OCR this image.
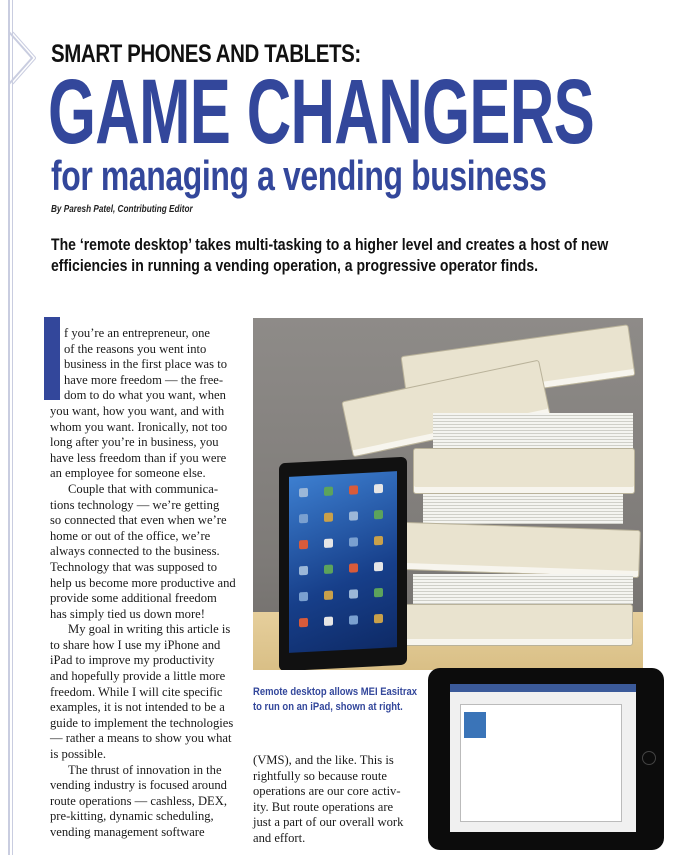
SMART PHONES AND TABLETS:
GAME CHANGERS
for managing a vending business
By Paresh Patel, Contributing Editor
The ‘remote desktop’ takes multi-tasking to a higher level and creates a host of new
efficiencies in running a vending operation, a progressive operator finds.
f you’re an entrepreneur, one
of the reasons you went into
business in the first place was to
have more freedom — the free-
dom to do what you want, when
you want, how you want, and with
whom you want. Ironically, not too
long after you’re in business, you
have less freedom than if you were
an employee for someone else.
Couple that with communica-
tions technology — we’re getting
so connected that even when we’re
home or out of the office, we’re
always connected to the business.
Technology that was supposed to
help us become more productive and
provide some additional freedom
has simply tied us down more!
My goal in writing this article is
to share how I use my iPhone and
iPad to improve my productivity
and hopefully provide a little more
freedom. While I will cite specific
examples, it is not intended to be a
guide to implement the technologies
— rather a means to show you what
is possible.
The thrust of innovation in the
vending industry is focused around
route operations — cashless, DEX,
pre-kitting, dynamic scheduling,
vending management software
(VMS), and the like. This is
rightfully so because route
operations are our core activ-
ity. But route operations are
just a part of our overall work
and effort.
Remote desktop allows MEI Easitrax
to run on an iPad, shown at right.
